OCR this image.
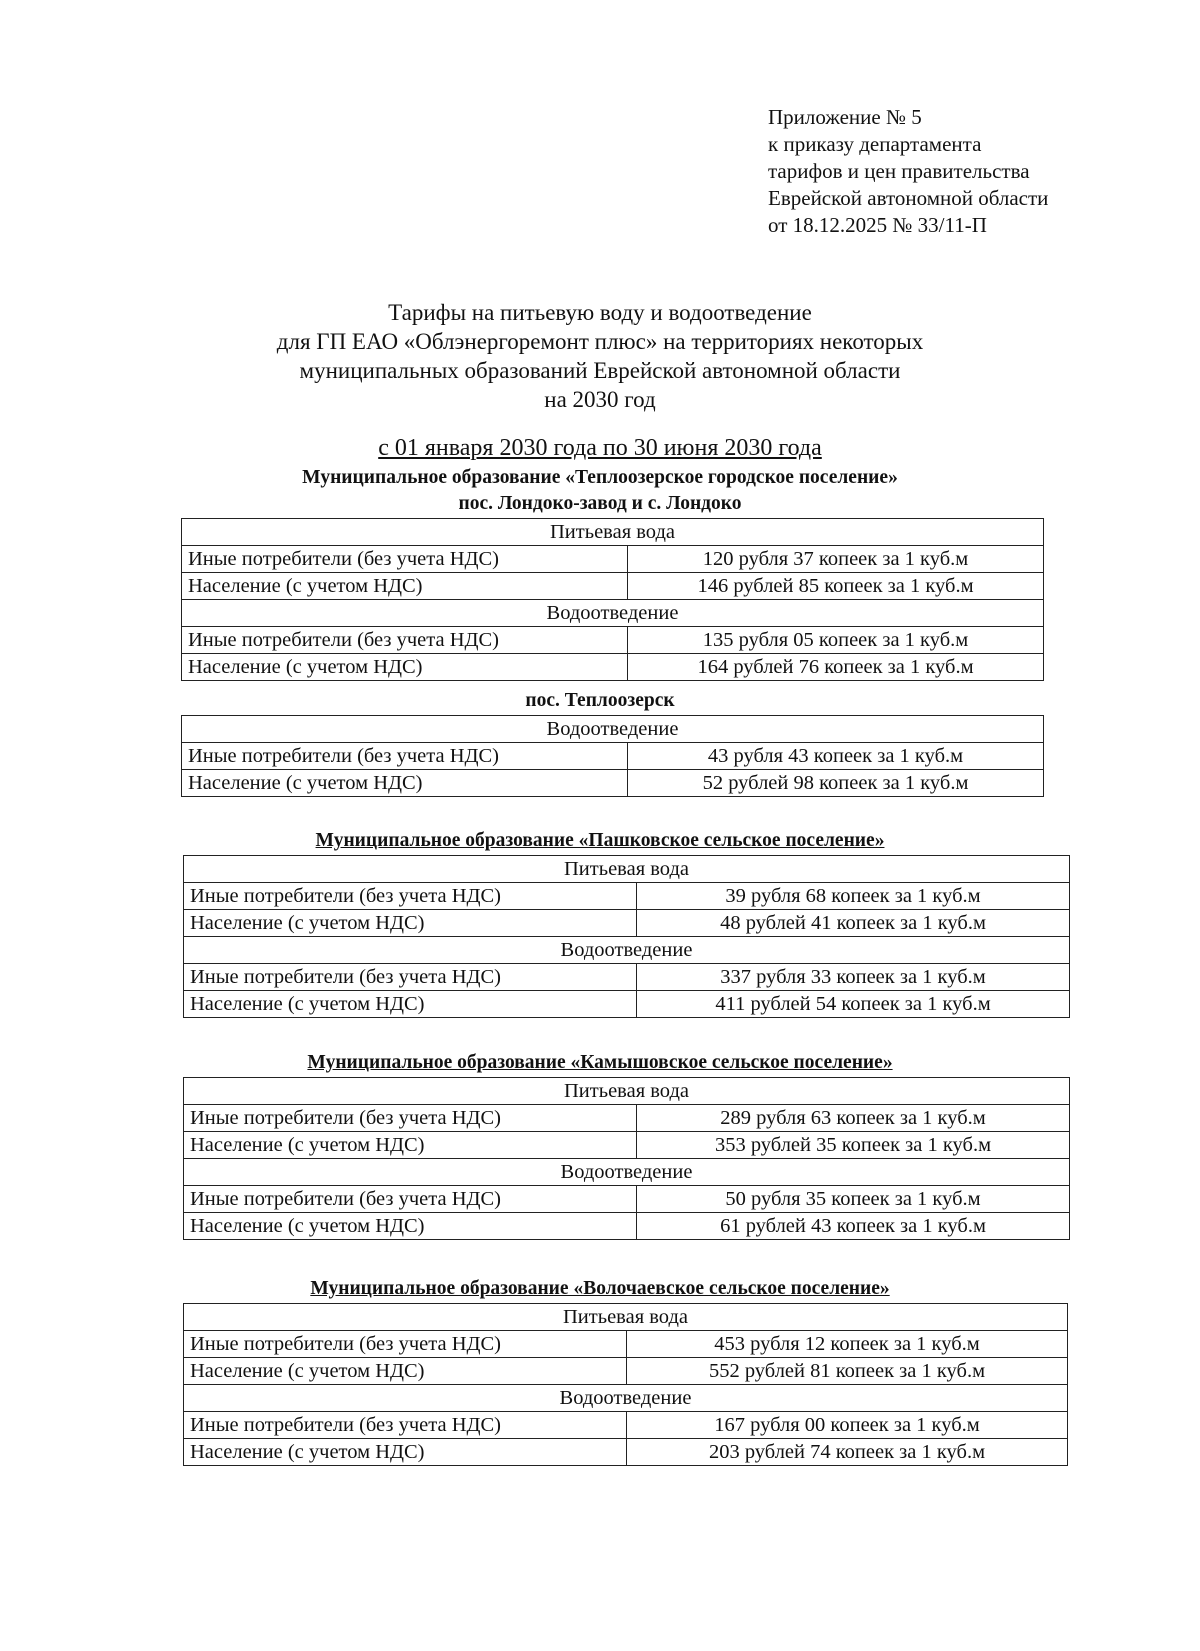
Приложение № 5
к приказу департамента
тарифов и цен правительства
Еврейской автономной области
от 18.12.2025 № 33/11-П
Тарифы на питьевую воду и водоотведение
для ГП ЕАО «Облэнергоремонт плюс» на территориях некоторых
муниципальных образований Еврейской автономной области
на 2030 год
с 01 января 2030 года по 30 июня 2030 года
Муниципальное образование «Теплоозерское городское поселение»
пос. Лондоко-завод и с. Лондоко
Питьевая вода	
Иные потребители (без учета НДС)	120 рубля 37 копеек за 1 куб.м
Население (с учетом НДС)	146 рублей 85 копеек за 1 куб.м
Водоотведение	
Иные потребители (без учета НДС)	135 рубля 05 копеек за 1 куб.м
Население (с учетом НДС)	164 рублей 76 копеек за 1 куб.м
пос. Теплоозерск
Водоотведение	
Иные потребители (без учета НДС)	43 рубля 43 копеек за 1 куб.м
Население (с учетом НДС)	52 рублей 98 копеек за 1 куб.м
Муниципальное образование «Пашковское сельское поселение»
Питьевая вода	
Иные потребители (без учета НДС)	39 рубля 68 копеек за 1 куб.м
Население (с учетом НДС)	48 рублей 41 копеек за 1 куб.м
Водоотведение	
Иные потребители (без учета НДС)	337 рубля 33 копеек за 1 куб.м
Население (с учетом НДС)	411 рублей 54 копеек за 1 куб.м
Муниципальное образование «Камышовское сельское поселение»
Питьевая вода	
Иные потребители (без учета НДС)	289 рубля 63 копеек за 1 куб.м
Население (с учетом НДС)	353 рублей 35 копеек за 1 куб.м
Водоотведение	
Иные потребители (без учета НДС)	50 рубля 35 копеек за 1 куб.м
Население (с учетом НДС)	61 рублей 43 копеек за 1 куб.м
Муниципальное образование «Волочаевское сельское поселение»
Питьевая вода	
Иные потребители (без учета НДС)	453 рубля 12 копеек за 1 куб.м
Население (с учетом НДС)	552 рублей 81 копеек за 1 куб.м
Водоотведение	
Иные потребители (без учета НДС)	167 рубля 00 копеек за 1 куб.м
Население (с учетом НДС)	203 рублей 74 копеек за 1 куб.м
